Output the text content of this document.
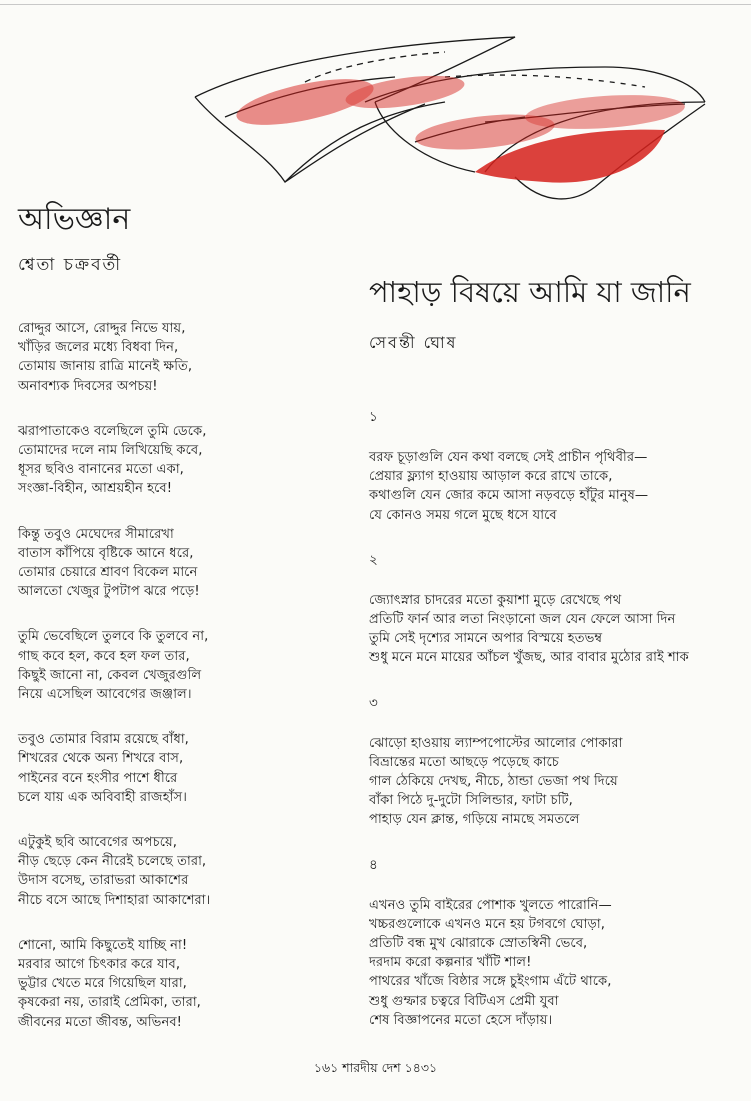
অভিজ্ঞান
শ্বেতা চক্রবর্তী
রোদ্দুর আসে, রোদ্দুর নিভে যায়,
খাঁড়ির জলের মধ্যে বিধবা দিন,
তোমায় জানায় রাত্রি মানেই ক্ষতি,
অনাবশ্যক দিবসের অপচয়!
ঝরাপাতাকেও বলেছিলে তুমি ডেকে,
তোমাদের দলে নাম লিখিয়েছি কবে,
ধূসর ছবিও বানানের মতো একা,
সংজ্ঞা-বিহীন, আশ্রয়হীন হবে!
কিন্তু তবুও মেঘেদের সীমারেখা
বাতাস কাঁপিয়ে বৃষ্টিকে আনে ধরে,
তোমার চেয়ারে শ্রাবণ বিকেল মানে
আলতো খেজুর টুপটাপ ঝরে পড়ে!
তুমি ভেবেছিলে তুলবে কি তুলবে না,
গাছ কবে হল, কবে হল ফল তার,
কিছুই জানো না, কেবল খেজুরগুলি
নিয়ে এসেছিল আবেগের জঞ্জাল।
তবুও তোমার বিরাম রয়েছে বাঁধা,
শিখরের থেকে অন্য শিখরে বাস,
পাইনের বনে হংসীর পাশে ধীরে
চলে যায় এক অবিবাহী রাজহাঁস।
এটুকুই ছবি আবেগের অপচয়ে,
নীড় ছেড়ে কেন নীরেই চলেছে তারা,
উদাস বসেছ, তারাভরা আকাশের
নীচে বসে আছে দিশাহারা আকাশেরা।
শোনো, আমি কিছুতেই যাচ্ছি না!
মরবার আগে চিৎকার করে যাব,
ভুট্টার খেতে মরে গিয়েছিল যারা,
কৃষকেরা নয়, তারাই প্রেমিকা, তারা,
জীবনের মতো জীবন্ত, অভিনব!
পাহাড় বিষয়ে আমি যা জানি
সেবন্তী ঘোষ
১
বরফ চূড়াগুলি যেন কথা বলছে সেই প্রাচীন পৃথিবীর—
প্রেয়ার ফ্ল্যাগ হাওয়ায় আড়াল করে রাখে তাকে,
কথাগুলি যেন জোর কমে আসা নড়বড়ে হাঁটুর মানুষ—
যে কোনও সময় গলে মুছে ধসে যাবে
২
জ্যোৎস্নার চাদরের মতো কুয়াশা মুড়ে রেখেছে পথ
প্রতিটি ফার্ন আর লতা নিংড়ানো জল যেন ফেলে আসা দিন
তুমি সেই দৃশ্যের সামনে অপার বিস্ময়ে হতভম্ব
শুধু মনে মনে মায়ের আঁচল খুঁজছ, আর বাবার মুঠোর রাই শাক
৩
ঝোড়ো হাওয়ায় ল্যাম্পপোস্টের আলোর পোকারা
বিভ্রান্তের মতো আছড়ে পড়েছে কাচে
গাল ঠেকিয়ে দেখছ, নীচে, ঠান্ডা ভেজা পথ দিয়ে
বাঁকা পিঠে দু-দুটো সিলিন্ডার, ফাটা চটি,
পাহাড় যেন ক্লান্ত, গড়িয়ে নামছে সমতলে
৪
এখনও তুমি বাইরের পোশাক খুলতে পারোনি—
খচ্চরগুলোকে এখনও মনে হয় টগবগে ঘোড়া,
প্রতিটি বন্ধ মুখ ঝোরাকে স্রোতস্বিনী ভেবে,
দরদাম করো কল্পনার খাঁটি শাল!
পাথরের খাঁজে বিষ্ঠার সঙ্গে চুইংগাম এঁটে থাকে,
শুধু গুম্ফার চত্বরে বিটিএস প্রেমী যুবা
শেষ বিজ্ঞাপনের মতো হেসে দাঁড়ায়।
১৬১ শারদীয় দেশ ১৪৩১
